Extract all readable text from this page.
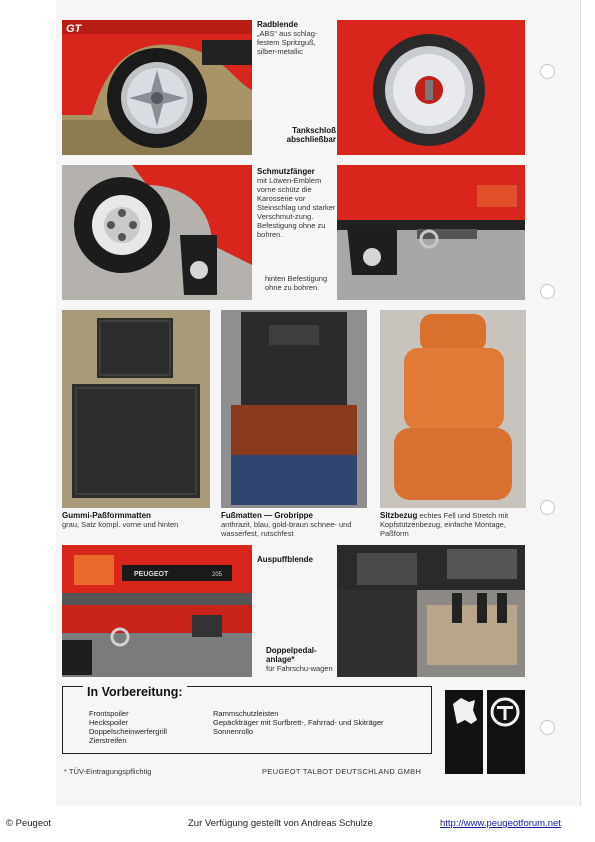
GT	Radblende
„ABS“ aus schlag-festem Spritzguß, silber-metallic
Tankschloß abschließbar
Schmutzfänger
mit Löwen-Emblem vorne schütz die Karosserie vor Steinschlag und starker Verschmut-zung. Befestigung ohne zu bohren.
hinten Befestigung ohne zu bohren.
Gummi-Paßformmatten
grau, Satz kompl. vorne und hinten
Fußmatten — Grobrippe
anthrazit, blau, gold-braun schnee- und wasserfest, rutschfest
Sitzbezug echtes Fell und Stretch mit Kopfstützenbezug, einfache Montage, Paßform
PEUGEOT	205
Auspuffblende
Doppelpedal-anlage*
für Fahrschu-wagen
In Vorbereitung:
Frontspoiler
Heckspoiler
Doppelscheinwerfergrill
Zierstreifen
Rammschutzleisten
Gepäckträger mit Surfbrett-, Fahrrad- und Skiträger
Sonnenrollo
* TÜV-Eintragungspflichtig	PEUGEOT TALBOT DEUTSCHLAND GMBH
© Peugeot	Zur Verfügung gestellt von Andreas Schulze	http://www.peugeotforum.net
